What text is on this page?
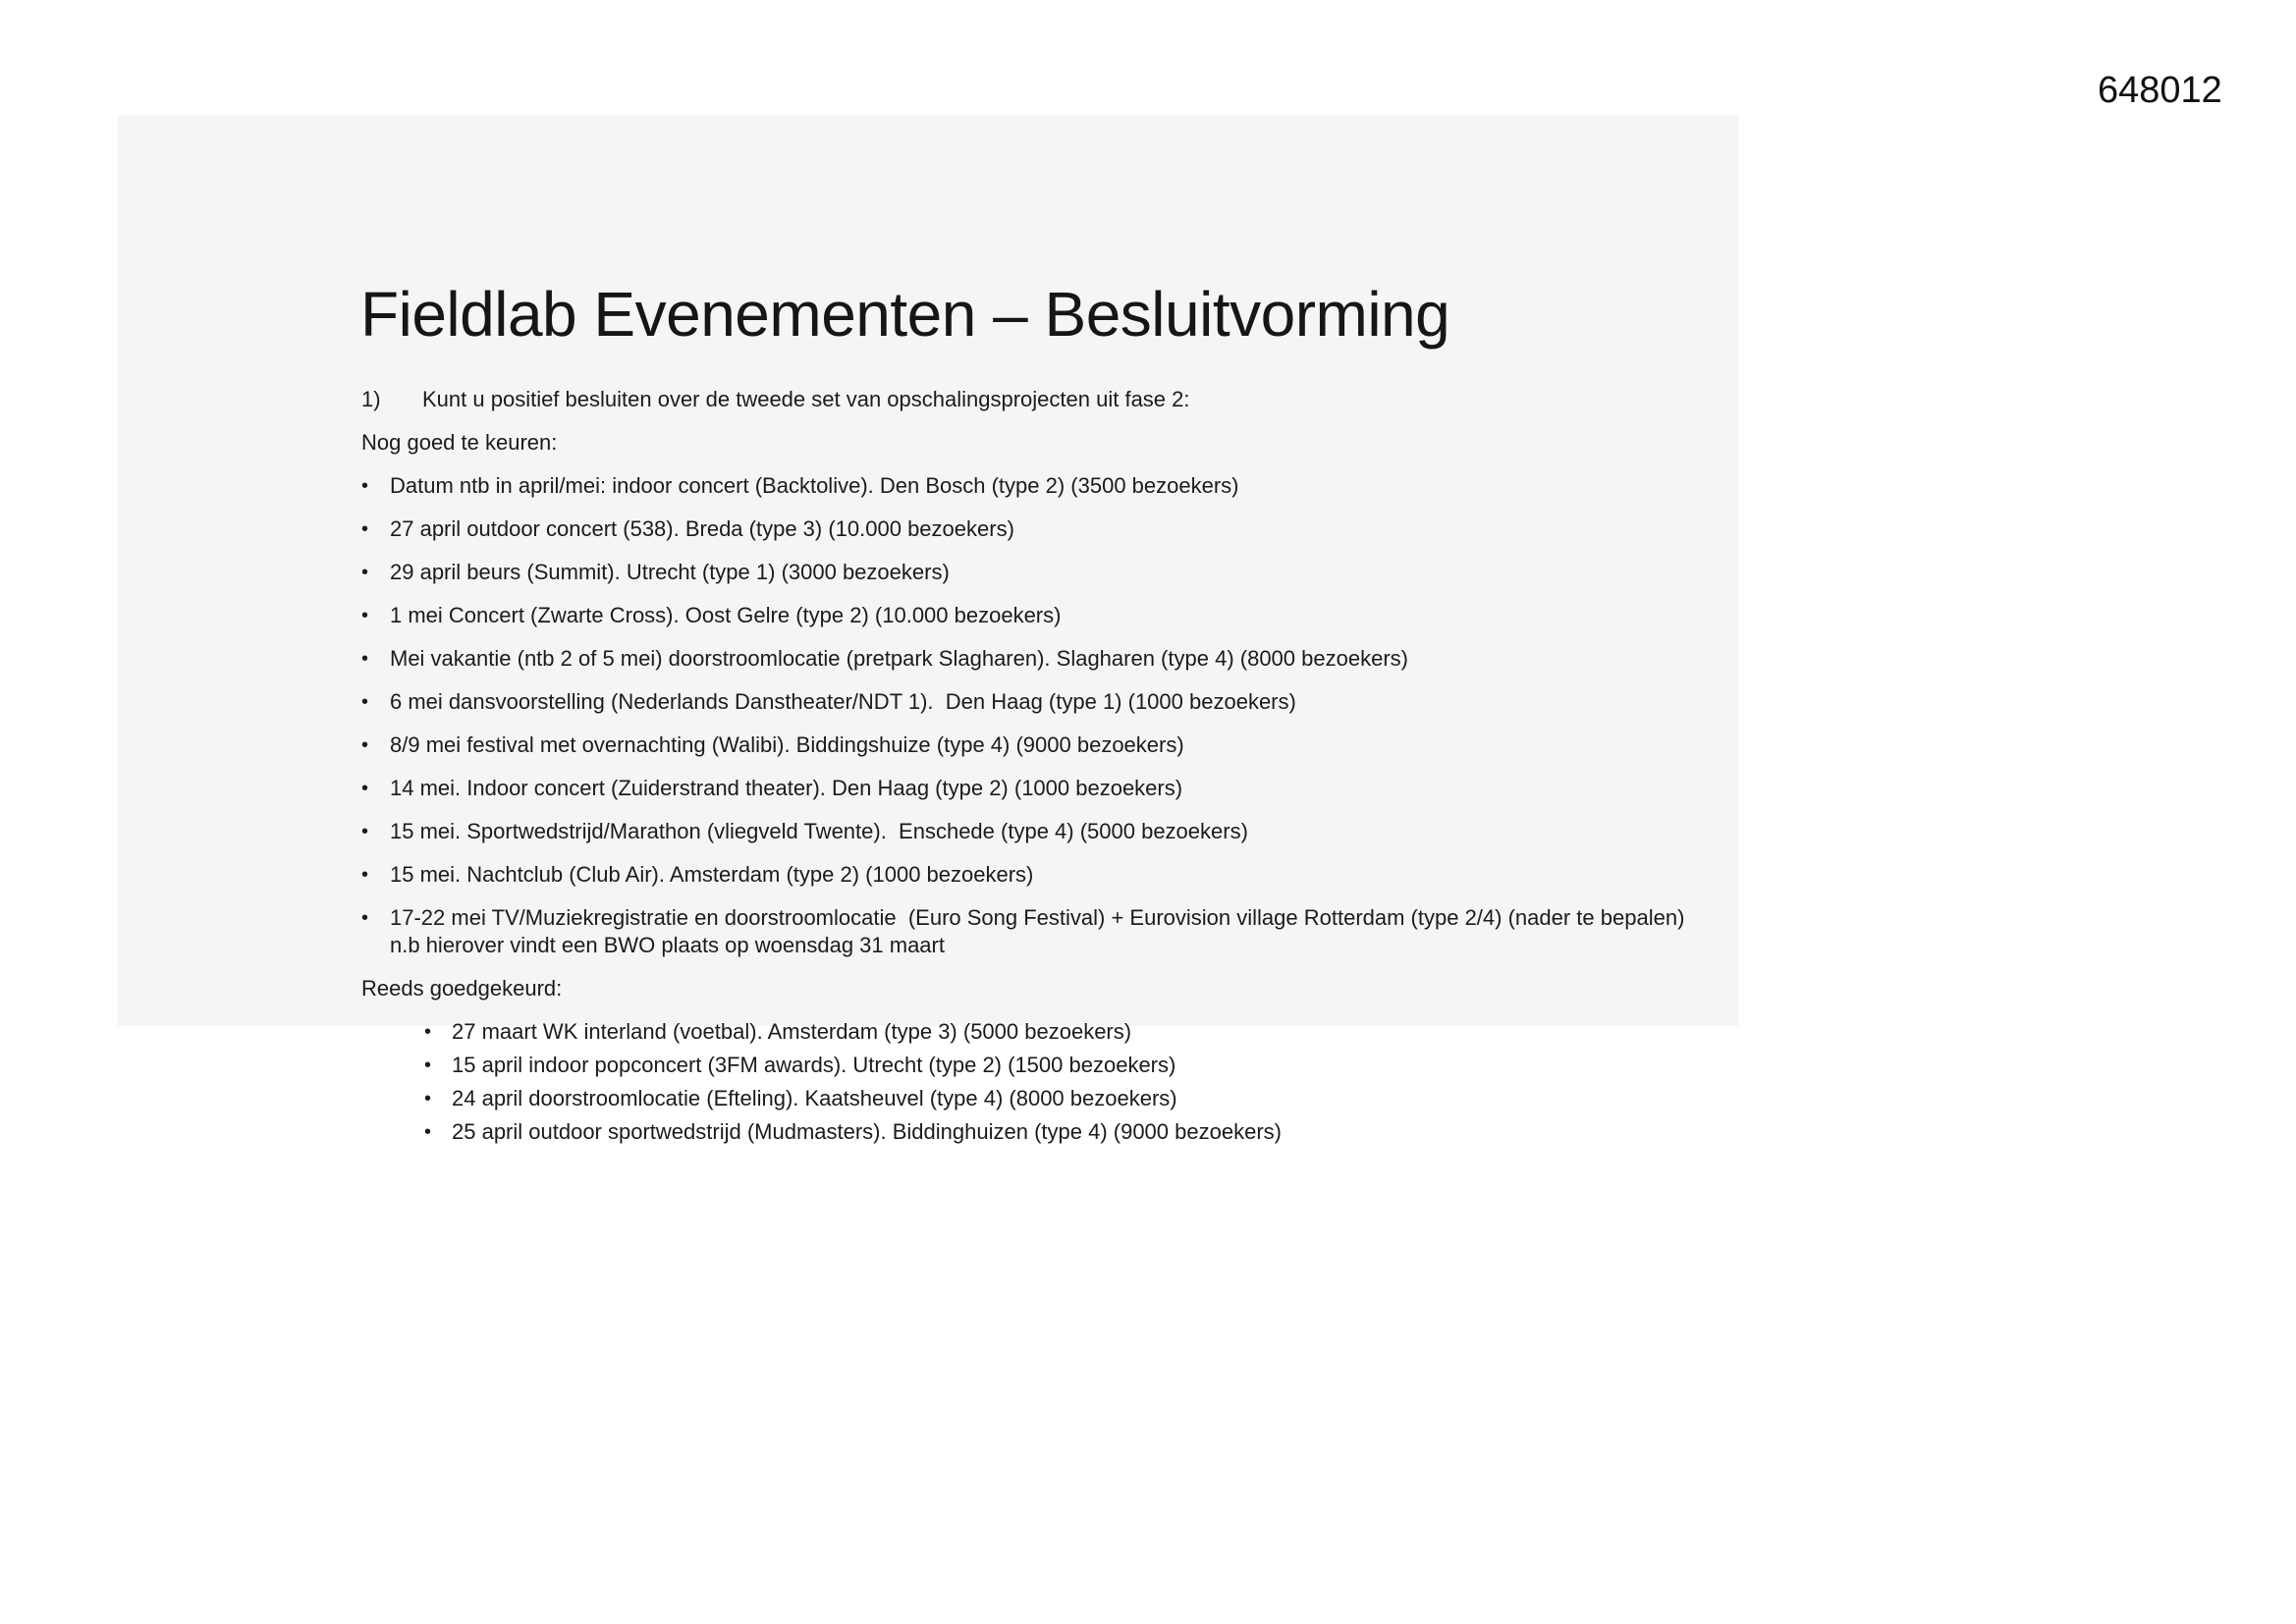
648012
Fieldlab Evenementen – Besluitvorming
1)	Kunt u positief besluiten over de tweede set van opschalingsprojecten uit fase 2:
Nog goed te keuren:
• Datum ntb in april/mei: indoor concert (Backtolive). Den Bosch (type 2) (3500 bezoekers)
• 27 april outdoor concert (538). Breda (type 3) (10.000 bezoekers)
• 29 april beurs (Summit). Utrecht (type 1) (3000 bezoekers)
• 1 mei Concert (Zwarte Cross). Oost Gelre (type 2) (10.000 bezoekers)
• Mei vakantie (ntb 2 of 5 mei) doorstroomlocatie (pretpark Slagharen). Slagharen (type 4) (8000 bezoekers)
• 6 mei dansvoorstelling (Nederlands Danstheater/NDT 1).  Den Haag (type 1) (1000 bezoekers)
• 8/9 mei festival met overnachting (Walibi). Biddingshuize (type 4) (9000 bezoekers)
• 14 mei. Indoor concert (Zuiderstrand theater). Den Haag (type 2) (1000 bezoekers)
• 15 mei. Sportwedstrijd/Marathon (vliegveld Twente).  Enschede (type 4) (5000 bezoekers)
• 15 mei. Nachtclub (Club Air). Amsterdam (type 2) (1000 bezoekers)
• 17-22 mei TV/Muziekregistratie en doorstroomlocatie  (Euro Song Festival) + Eurovision village Rotterdam (type 2/4) (nader te bepalen)
n.b hierover vindt een BWO plaats op woensdag 31 maart
Reeds goedgekeurd:
• 27 maart WK interland (voetbal). Amsterdam (type 3) (5000 bezoekers)
• 15 april indoor popconcert (3FM awards). Utrecht (type 2) (1500 bezoekers)
• 24 april doorstroomlocatie (Efteling). Kaatsheuvel (type 4) (8000 bezoekers)
• 25 april outdoor sportwedstrijd (Mudmasters). Biddinghuizen (type 4) (9000 bezoekers)
